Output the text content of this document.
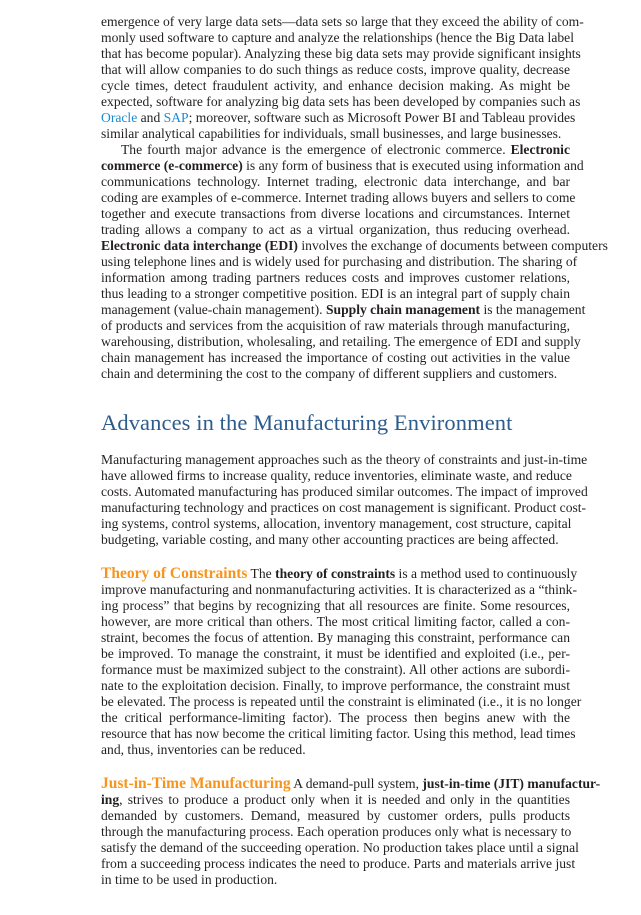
emergence of very large data sets—data sets so large that they exceed the ability of com-
monly used software to capture and analyze the relationships (hence the Big Data label
that has become popular). Analyzing these big data sets may provide significant insights
that will allow companies to do such things as reduce costs, improve quality, decrease
cycle times, detect fraudulent activity, and enhance decision making. As might be
expected, software for analyzing big data sets has been developed by companies such as
Oracle and SAP; moreover, software such as Microsoft Power BI and Tableau provides
similar analytical capabilities for individuals, small businesses, and large businesses.
The fourth major advance is the emergence of electronic commerce. Electronic
commerce (e-commerce) is any form of business that is executed using information and
communications technology. Internet trading, electronic data interchange, and bar
coding are examples of e-commerce. Internet trading allows buyers and sellers to come
together and execute transactions from diverse locations and circumstances. Internet
trading allows a company to act as a virtual organization, thus reducing overhead.
Electronic data interchange (EDI) involves the exchange of documents between computers
using telephone lines and is widely used for purchasing and distribution. The sharing of
information among trading partners reduces costs and improves customer relations,
thus leading to a stronger competitive position. EDI is an integral part of supply chain
management (value-chain management). Supply chain management is the management
of products and services from the acquisition of raw materials through manufacturing,
warehousing, distribution, wholesaling, and retailing. The emergence of EDI and supply
chain management has increased the importance of costing out activities in the value
chain and determining the cost to the company of different suppliers and customers.
Advances in the Manufacturing Environment
Manufacturing management approaches such as the theory of constraints and just-in-time
have allowed firms to increase quality, reduce inventories, eliminate waste, and reduce
costs. Automated manufacturing has produced similar outcomes. The impact of improved
manufacturing technology and practices on cost management is significant. Product cost-
ing systems, control systems, allocation, inventory management, cost structure, capital
budgeting, variable costing, and many other accounting practices are being affected.
Theory of Constraints The theory of constraints is a method used to continuously
improve manufacturing and nonmanufacturing activities. It is characterized as a “think-
ing process” that begins by recognizing that all resources are finite. Some resources,
however, are more critical than others. The most critical limiting factor, called a con-
straint, becomes the focus of attention. By managing this constraint, performance can
be improved. To manage the constraint, it must be identified and exploited (i.e., per-
formance must be maximized subject to the constraint). All other actions are subordi-
nate to the exploitation decision. Finally, to improve performance, the constraint must
be elevated. The process is repeated until the constraint is eliminated (i.e., it is no longer
the critical performance-limiting factor). The process then begins anew with the
resource that has now become the critical limiting factor. Using this method, lead times
and, thus, inventories can be reduced.
Just-in-Time Manufacturing A demand-pull system, just-in-time (JIT) manufactur-
ing, strives to produce a product only when it is needed and only in the quantities
demanded by customers. Demand, measured by customer orders, pulls products
through the manufacturing process. Each operation produces only what is necessary to
satisfy the demand of the succeeding operation. No production takes place until a signal
from a succeeding process indicates the need to produce. Parts and materials arrive just
in time to be used in production.
